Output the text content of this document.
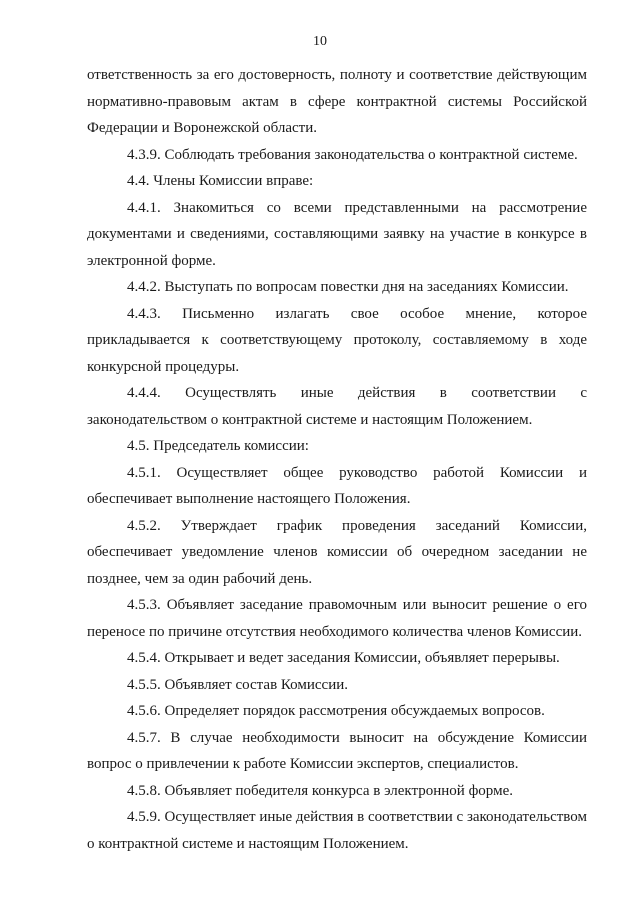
10

ответственность за его достоверность, полноту и соответствие действующим нормативно-правовым актам в сфере контрактной системы Российской Федерации и Воронежской области.

4.3.9. Соблюдать требования законодательства о контрактной системе.

4.4. Члены Комиссии вправе:

4.4.1. Знакомиться со всеми представленными на рассмотрение документами и сведениями, составляющими заявку на участие в конкурсе в электронной форме.

4.4.2. Выступать по вопросам повестки дня на заседаниях Комиссии.

4.4.3. Письменно излагать свое особое мнение, которое прикладывается к соответствующему протоколу, составляемому в ходе конкурсной процедуры.

4.4.4. Осуществлять иные действия в соответствии с законодательством о контрактной системе и настоящим Положением.

4.5. Председатель комиссии:

4.5.1. Осуществляет общее руководство работой Комиссии и обеспечивает выполнение настоящего Положения.

4.5.2. Утверждает график проведения заседаний Комиссии, обеспечивает уведомление членов комиссии об очередном заседании не позднее, чем за один рабочий день.

4.5.3. Объявляет заседание правомочным или выносит решение о его переносе по причине отсутствия необходимого количества членов Комиссии.

4.5.4. Открывает и ведет заседания Комиссии, объявляет перерывы.

4.5.5. Объявляет состав Комиссии.

4.5.6. Определяет порядок рассмотрения обсуждаемых вопросов.

4.5.7. В случае необходимости выносит на обсуждение Комиссии вопрос о привлечении к работе Комиссии экспертов, специалистов.

4.5.8. Объявляет победителя конкурса в электронной форме.

4.5.9. Осуществляет иные действия в соответствии с законодательством о контрактной системе и настоящим Положением.
